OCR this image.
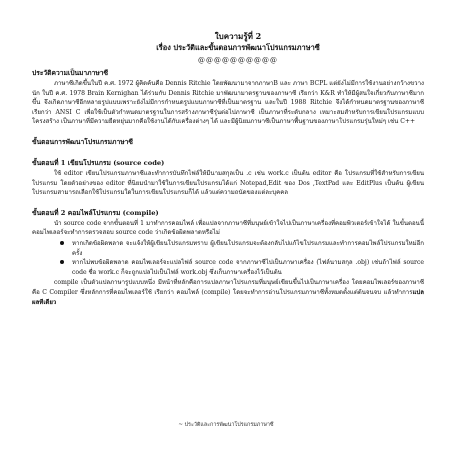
ใบความรู้ที่ 2
เรื่อง ประวัติและขั้นตอนการพัฒนาโปรแกรมภาษาซี
@@@@@@@@@@
ประวัติความเป็นมาภาษาซี

ภาษาซีเกิดขึ้นในปี ค.ศ. 1972 ผู้คิดค้นคือ Dennis Ritchie โดยพัฒนามาจากภาษาB และ ภาษา BCPL แต่ยังไม่มีการใช้งานอย่างกว้างขวางนัก ในปี ค.ศ. 1978 Brain Kernighan ได้ร่วมกับ Dennis Ritchie มาพัฒนามาตรฐานของภาษาซี เรียกว่า K&R ทำให้มีผู้สนใจเกี่ยวกับภาษาซีมากขึ้น จึงเกิดภาษาซีอีกหลายรูปแบบเพราะยังไม่มีการกำหนดรูปแบบภาษาซีที่เป็นมาตรฐาน และในปี 1988 Ritchie จึงได้กำหนดมาตรฐานของภาษาซี เรียกว่า ANSI C เพื่อใช้เป็นตัวกำหนดมาตรฐานในการสร้างภาษาซีรุ่นต่อไปภาษาซี เป็นภาษาที่ระดับกลาง เหมาะสมสำหรับการเขียนโปรแกรมแบบโครงสร้าง เป็นภาษาที่มีความยืดหยุ่นมากคือใช้งานได้กับเครื่องต่างๆ ได้ และมีผู้นิยมภาษาซีเป็นภาษาพื้นฐานของภาษาโปรแกรมรุ่นใหม่ๆ เช่น C++

ขั้นตอนการพัฒนาโปรแกรมภาษาซี
ขั้นตอนที่ 1 เขียนโปรแกรม (source code)

ใช้ editor เขียนโปรแกรมภาษาซีและทำการบันทึกไฟล์ให้มีนามสกุลเป็น .c เช่น work.c เป็นต้น editor คือ โปรแกรมที่ใช้สำหรับการเขียนโปรแกรม โดยตัวอย่างของ editor ที่นิยมนำมาใช้ในการเขียนโปรแกรมได้แก่ Notepad,Edit ของ Dos ,TextPad และ EditPlus เป็นต้น ผู้เขียนโปรแกรมสามารถเลือกใช้โปรแกรมใดในการเขียนโปรแกรมก็ได้ แล้วแต่ความถนัดของแต่ละบุคคล

ขั้นตอนที่ 2 คอมไพล์โปรแกรม (compile)

นำ source code จากขั้นตอนที่ 1 มาทำการคอมไพล์ เพื่อแปลจากภาษาซีที่มนุษย์เข้าใจไปเป็นภาษาเครื่องที่คอมพิวเตอร์เข้าใจได้ ในขั้นตอนนี้คอมไพเลอร์จะทำการตรวจสอบ source code ว่าเกิดข้อผิดพลาดหรือไม่

หากเกิดข้อผิดพลาด จะแจ้งให้ผู้เขียนโปรแกรมทราบ ผู้เขียนโปรแกรมจะต้องกลับไปแก้ไขโปรแกรมและทำการคอมไพล์โปรแกรมใหม่อีกครั้ง
หากไม่พบข้อผิดพลาด คอมไพเลอร์จะแปลไฟล์ source code จากภาษาซีไปเป็นภาษาเครื่อง (ไฟล์นามสกุล .obj) เช่นถ้าไฟล์ source code ชื่อ work.c ก็จะถูกแปลไปเป็นไฟล์ work.obj ซึ่งเก็บภาษาเครื่องไว้เป็นต้น

compile เป็นตัวแปลภาษารูปแบบหนึ่ง มีหน้าที่หลักคือการแปลภาษาโปรแกรมที่มนุษย์เขียนขึ้นไปเป็นภาษาเครื่อง โดยคอมไพเลอร์ของภาษาซี คือ C Compiler ซึ่งหลักการที่คอมไพเลอร์ใช้ เรียกว่า คอมไพล์ (compile) โดยจะทำการอ่านโปรแกรมภาษาซีทั้งหมดตั้งแต่ต้นจนจบ แล้วทำการแปลผลทีเดียว

~ ประวัติและการพัฒนาโปรแกรมภาษาซี
